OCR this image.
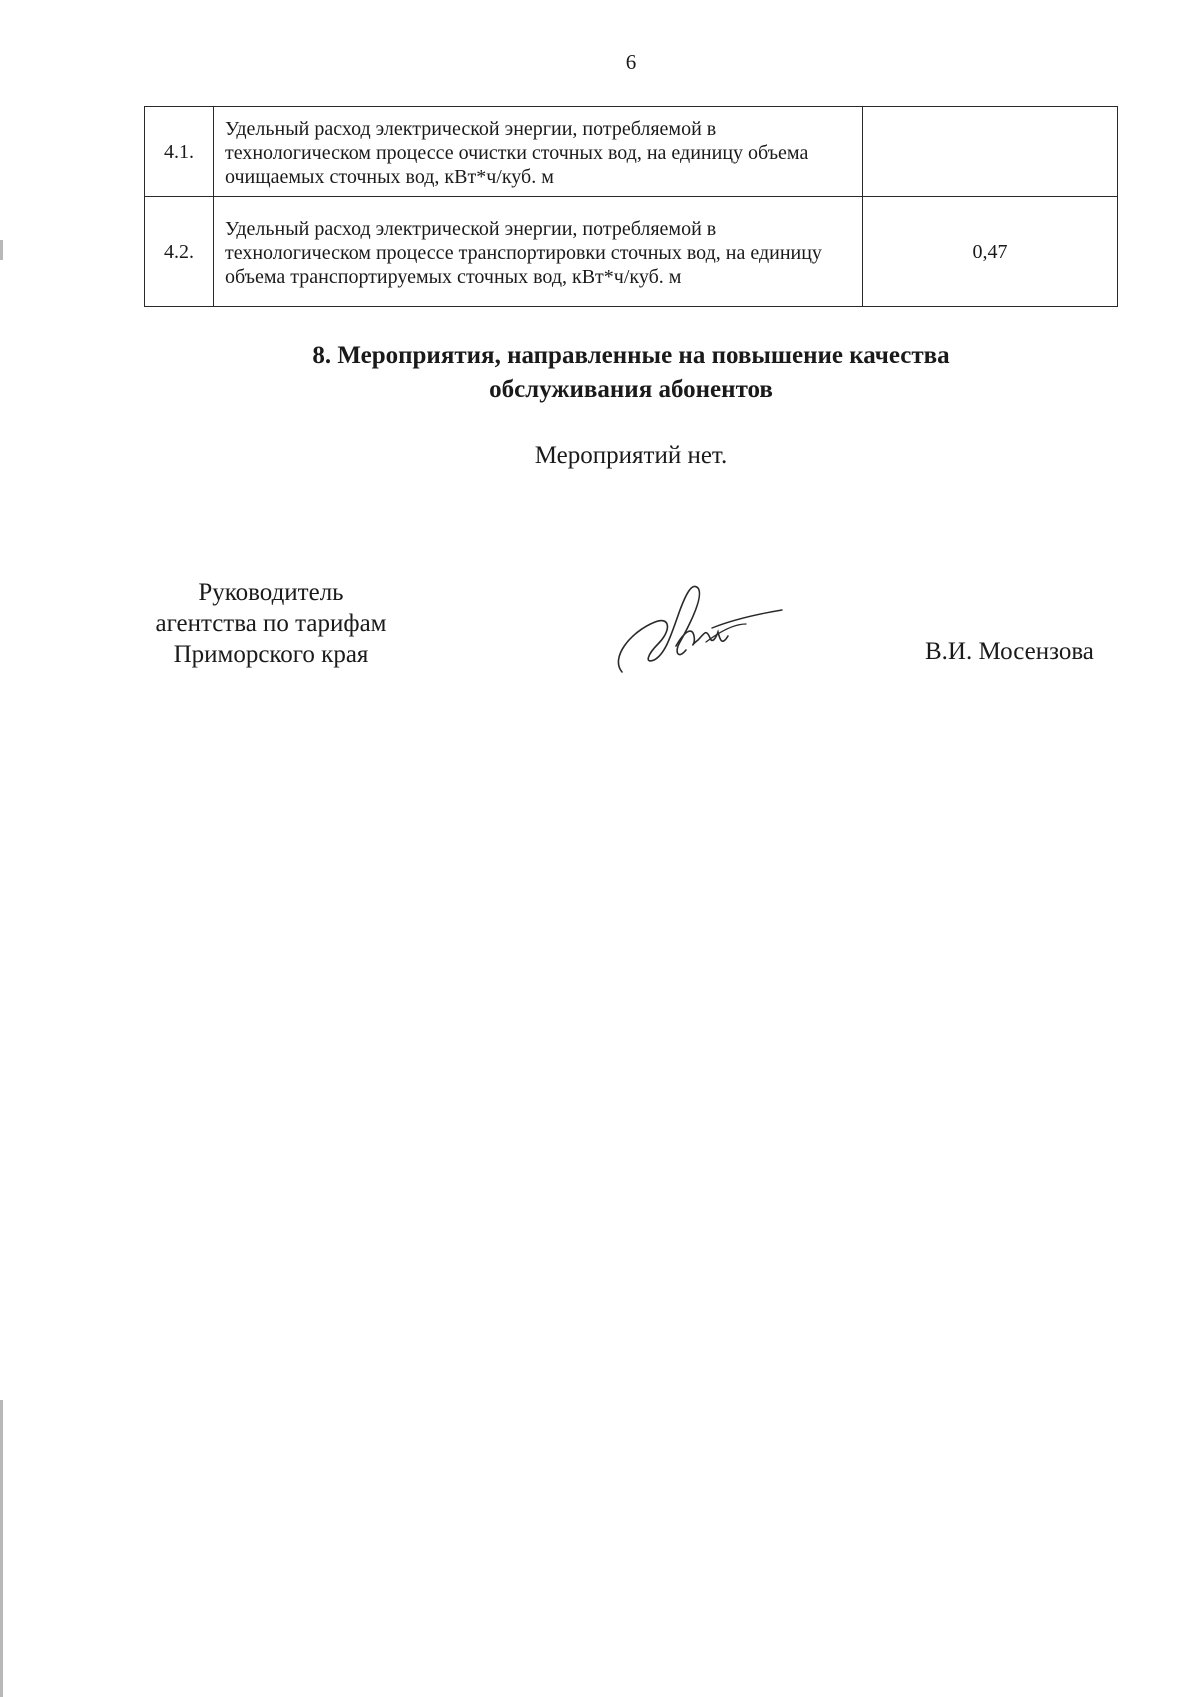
6
4.1.	Удельный расход электрической энергии, потребляемой в технологическом процессе очистки сточных вод, на единицу объема очищаемых сточных вод, кВт*ч/куб. м	
4.2.	Удельный расход электрической энергии, потребляемой в технологическом процессе транспортировки сточных вод, на единицу объема транспортируемых сточных вод, кВт*ч/куб. м	0,47
8. Мероприятия, направленные на повышение качества
обслуживания абонентов
Мероприятий нет.
Руководитель
агентства по тарифам
Приморского края	В.И. Мосензова
